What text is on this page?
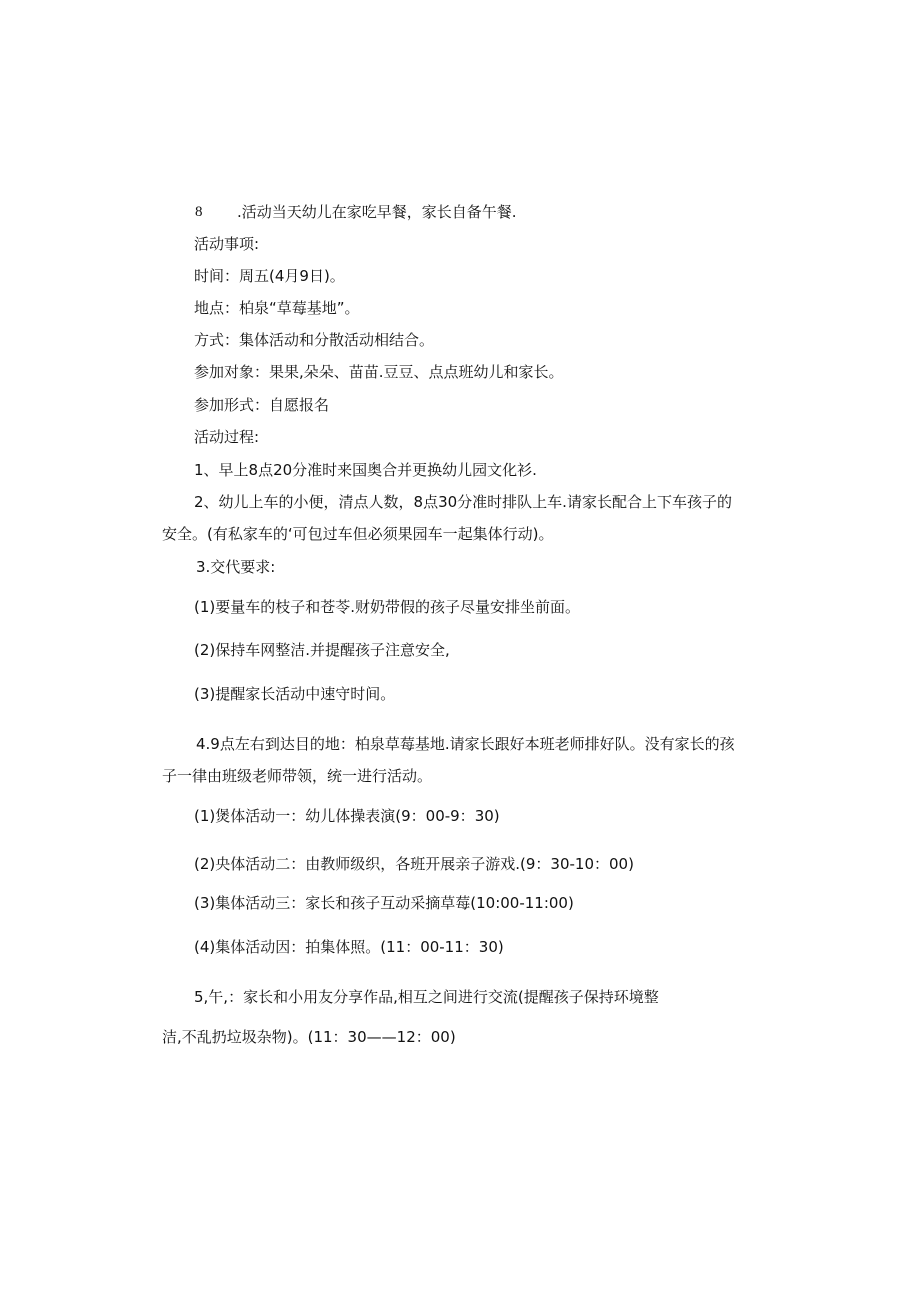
8 .活动当天幼儿在家吃早餐，家长自备午餐.
活动事项:
时间：周五(4月9日)。
地点：柏泉“草莓基地”。
方式：集体活动和分散活动相结合。
参加对象：果果,朵朵、苗苗.豆豆、点点班幼儿和家长。
参加形式：自愿报名
活动过程:
1、早上8点20分准时来国奥合并更换幼儿园文化衫.
2、幼儿上车的小便，清点人数，8点30分准时排队上车.请家长配合上下车孩子的
安全。(有私家车的‘可包过车但必须果园车一起集体行动)。
3.交代要求:
(1)要量车的枝子和苍苓.财奶带假的孩子尽量安排坐前面。
(2)保持车网整洁.并提醒孩子注意安全,
(3)提醒家长活动中速守时间。
4.9点左右到达目的地：柏泉草莓基地.请家长跟好本班老师排好队。没有家长的孩
子一律由班级老师带领，统一进行活动。
(1)煲体活动一：幼儿体操表演(9：00-9：30)
(2)央体活动二：由教师级织，各班开展亲子游戏.(9：30-10：00)
(3)集体活动三：家长和孩子互动采摘草莓(10:00-11:00)
(4)集体活动因：拍集体照。(11：00-11：30)
5,午,：家长和小用友分享作品,相互之间进行交流(提醒孩子保持环境整
洁,不乱扔垃圾杂物)。(11：30——12：00)
